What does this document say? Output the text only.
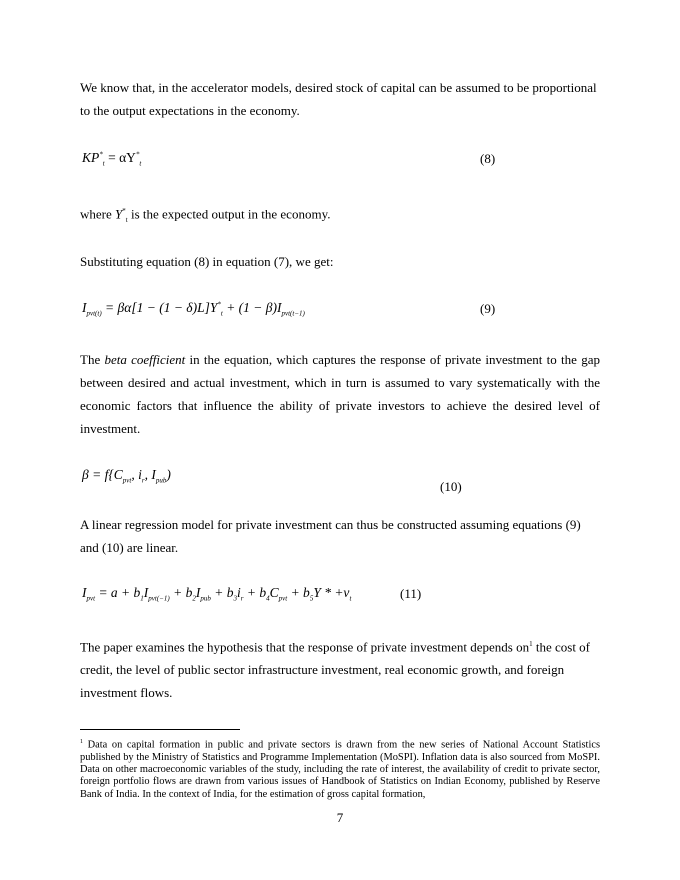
We know that, in the accelerator models, desired stock of capital can be assumed to be proportional to the output expectations in the economy.
$KP^*_t = \alpha Y^*_t$	(8)
where $Y^*_t$ is the expected output in the economy.
Substituting equation (8) in equation (7), we get:
$I_{pvt(t)} = \beta\alpha[1 - (1 - \delta)L]Y^*_t + (1 - \beta)I_{pvt(t-1)}$	(9)
The beta coefficient in the equation, which captures the response of private investment to the gap between desired and actual investment, which in turn is assumed to vary systematically with the economic factors that influence the ability of private investors to achieve the desired level of investment.
$\beta = f\{C_{pvt}$, $i_r$, $I_{pub}$)
(10)
A linear regression model for private investment can thus be constructed assuming equations (9) and (10) are linear.
$I_{pvt} = a + b_1I_{pvt(-1)} + b_2I_{pub} + b_3i_r + b_4C_{pvt} + b_5Y * +\nu_t$	(11)
The paper examines the hypothesis that the response of private investment depends $on^1$ the cost of credit, the level of public sector infrastructure investment, real economic growth, and foreign investment flows.
$^1$ Data on capital formation in public and private sectors is drawn from the new series of National Account Statistics published by the Ministry of Statistics and Programme Implementation (MoSPI). Inflation data is also sourced from MoSPI. Data on other macroeconomic variables of the study, including the rate of interest, the availability of credit to private sector, foreign portfolio flows are drawn from various issues of Handbook of Statistics on Indian Economy, published by Reserve Bank of India. In the context of India, for the estimation of gross capital formation,
7
